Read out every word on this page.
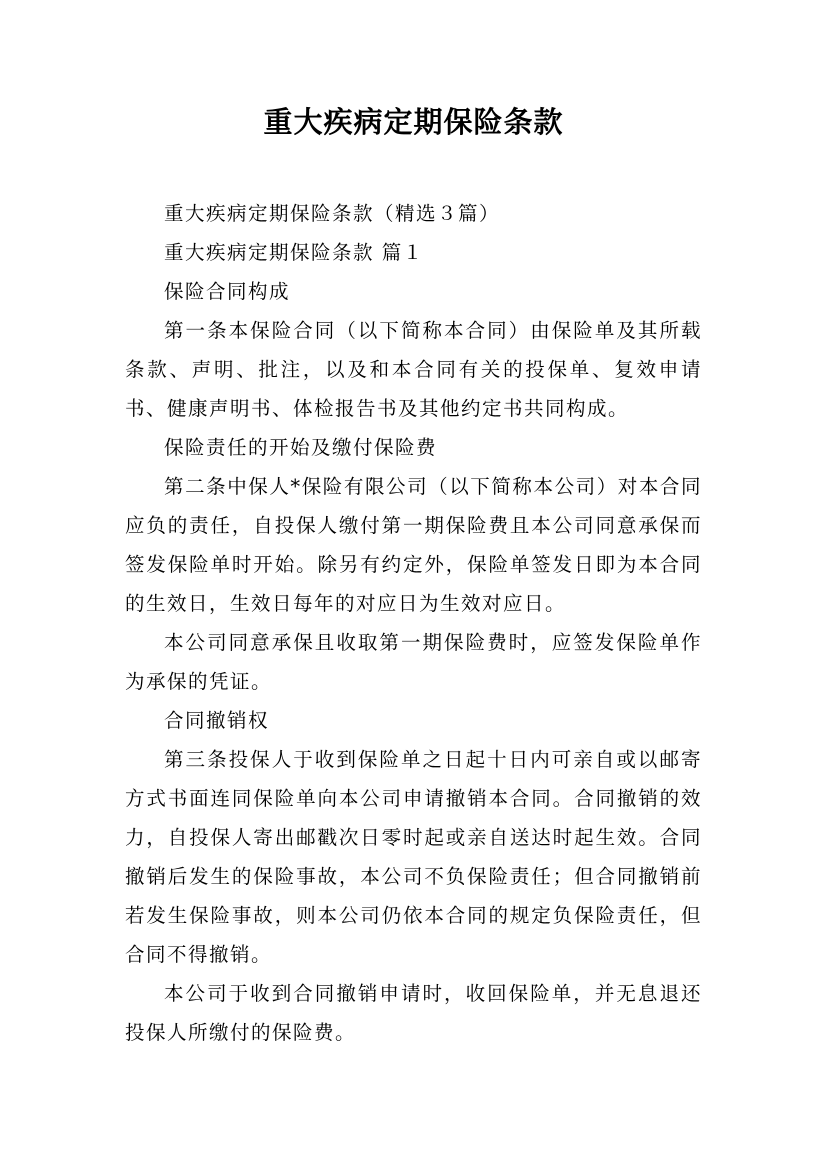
重大疾病定期保险条款

重大疾病定期保险条款（精选３篇）

重大疾病定期保险条款 篇１

保险合同构成

第一条本保险合同（以下简称本合同）由保险单及其所载条款、声明、批注，以及和本合同有关的投保单、复效申请书、健康声明书、体检报告书及其他约定书共同构成。

保险责任的开始及缴付保险费

第二条中保人*保险有限公司（以下简称本公司）对本合同应负的责任，自投保人缴付第一期保险费且本公司同意承保而签发保险单时开始。除另有约定外，保险单签发日即为本合同的生效日，生效日每年的对应日为生效对应日。

本公司同意承保且收取第一期保险费时，应签发保险单作为承保的凭证。

合同撤销权

第三条投保人于收到保险单之日起十日内可亲自或以邮寄方式书面连同保险单向本公司申请撤销本合同。合同撤销的效力，自投保人寄出邮戳次日零时起或亲自送达时起生效。合同撤销后发生的保险事故，本公司不负保险责任；但合同撤销前若发生保险事故，则本公司仍依本合同的规定负保险责任，但合同不得撤销。

本公司于收到合同撤销申请时，收回保险单，并无息退还投保人所缴付的保险费。
